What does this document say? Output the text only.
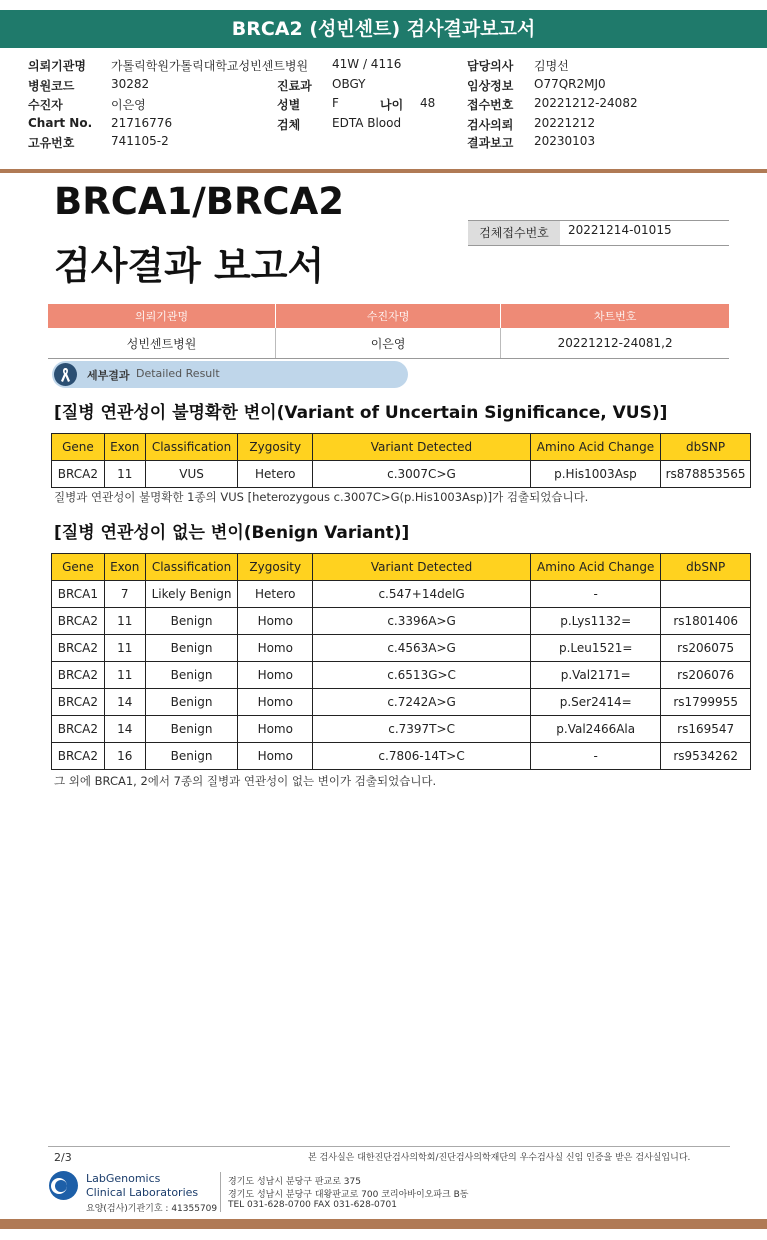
BRCA2 (성빈센트) 검사결과보고서
의뢰기관명 가톨릭학원가톨릭대학교성빈센트병원 41W / 4116	담당의사 김명선
병원코드	30282	진료과 OBGY	임상정보 O77QR2MJ0
수진자	이은영	성별	F	나이 48	접수번호 20221212-24082
Chart No. 21716776	검체	EDTA Blood	검사의뢰 20221212
고유번호	741105-2	결과보고 20230103
BRCA1/BRCA2
검사결과 보고서
검체접수번호	20221214-01015
의뢰기관명	수진자명	차트번호
성빈센트병원	이은영	20221212-24081,2
세부결과 Detailed Result
[질병 연관성이 불명확한 변이(Variant of Uncertain Significance, VUS)]
Gene	Exon	Classification	Zygosity	Variant Detected	Amino Acid Change	dbSNP
BRCA2	11	VUS	Hetero	c.3007C>G	p.His1003Asp	rs878853565
질병과 연관성이 불명확한 1종의 VUS [heterozygous c.3007C>G(p.His1003Asp)]가 검출되었습니다.
[질병 연관성이 없는 변이(Benign Variant)]
Gene	Exon	Classification	Zygosity	Variant Detected	Amino Acid Change	dbSNP
BRCA1	7	Likely Benign	Hetero	c.547+14delG	-	
BRCA2	11	Benign	Homo	c.3396A>G	p.Lys1132=	rs1801406
BRCA2	11	Benign	Homo	c.4563A>G	p.Leu1521=	rs206075
BRCA2	11	Benign	Homo	c.6513G>C	p.Val2171=	rs206076
BRCA2	14	Benign	Homo	c.7242A>G	p.Ser2414=	rs1799955
BRCA2	14	Benign	Homo	c.7397T>C	p.Val2466Ala	rs169547
BRCA2	16	Benign	Homo	c.7806-14T>C	-	rs9534262
그 외에 BRCA1, 2에서 7종의 질병과 연관성이 없는 변이가 검출되었습니다.
2/3	본 검사실은 대한진단검사의학회/진단검사의학재단의 우수검사실 신임 인증을 받은 검사실입니다.
LabGenomics
Clinical Laboratories
요양(검사)기관기호 : 41355709
경기도 성남시 분당구 판교로 375
경기도 성남시 분당구 대왕판교로 700 코리아바이오파크 B동
TEL 031-628-0700 FAX 031-628-0701
